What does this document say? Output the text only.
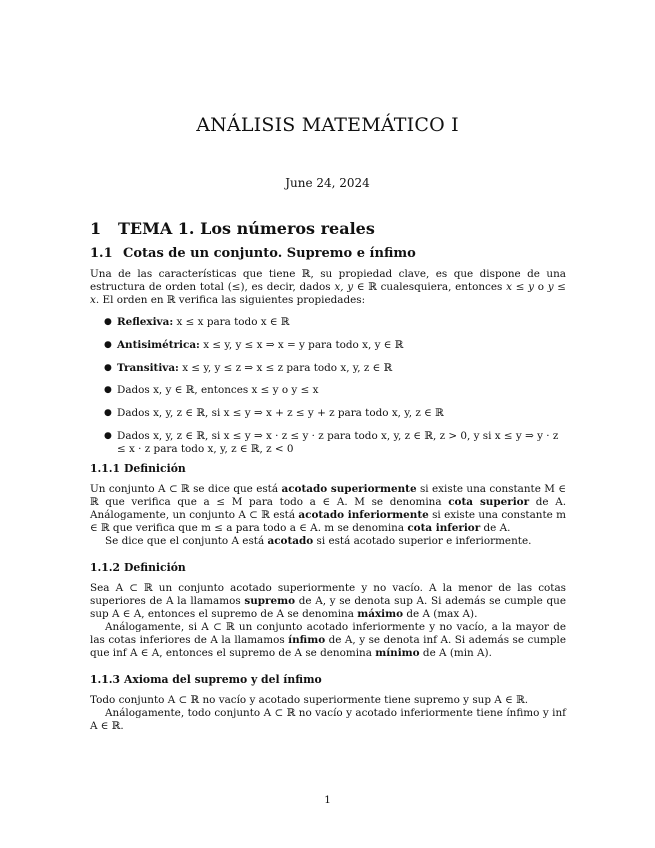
ANÁLISIS MATEMÁTICO I
June 24, 2024
1 TEMA 1. Los números reales
1.1 Cotas de un conjunto. Supremo e ínfimo
Una de las características que tiene ℝ, su propiedad clave, es que dispone de una estructura de orden total (≤), es decir, dados x, y ∈ ℝ cualesquiera, entonces x ≤ y o y ≤ x. El orden en ℝ verifica las siguientes propiedades:
● Reflexiva: x ≤ x para todo x ∈ ℝ
● Antisimétrica: x ≤ y, y ≤ x ⇒ x = y para todo x, y ∈ ℝ
● Transitiva: x ≤ y, y ≤ z ⇒ x ≤ z para todo x, y, z ∈ ℝ
● Dados x, y ∈ ℝ, entonces x ≤ y o y ≤ x
● Dados x, y, z ∈ ℝ, si x ≤ y ⇒ x + z ≤ y + z para todo x, y, z ∈ ℝ
● Dados x, y, z ∈ ℝ, si x ≤ y ⇒ x · z ≤ y · z para todo x, y, z ∈ ℝ, z > 0, y si x ≤ y ⇒ y · z ≤ x · z para todo x, y, z ∈ ℝ, z < 0
1.1.1 Definición
Un conjunto A ⊂ ℝ se dice que está acotado superiormente si existe una constante M ∈ ℝ que verifica que a ≤ M para todo a ∈ A. M se denomina cota superior de A. Análogamente, un conjunto A ⊂ ℝ está acotado inferiormente si existe una constante m ∈ ℝ que verifica que m ≤ a para todo a ∈ A. m se denomina cota inferior de A.
Se dice que el conjunto A está acotado si está acotado superior e inferiormente.
1.1.2 Definición
Sea A ⊂ ℝ un conjunto acotado superiormente y no vacío. A la menor de las cotas superiores de A la llamamos supremo de A, y se denota sup A. Si además se cumple que sup A ∈ A, entonces el supremo de A se denomina máximo de A (max A).
Análogamente, si A ⊂ ℝ un conjunto acotado inferiormente y no vacío, a la mayor de las cotas inferiores de A la llamamos ínfimo de A, y se denota inf A. Si además se cumple que inf A ∈ A, entonces el supremo de A se denomina mínimo de A (min A).
1.1.3 Axioma del supremo y del ínfimo
Todo conjunto A ⊂ ℝ no vacío y acotado superiormente tiene supremo y sup A ∈ ℝ.
Análogamente, todo conjunto A ⊂ ℝ no vacío y acotado inferiormente tiene ínfimo y inf A ∈ ℝ.
1
